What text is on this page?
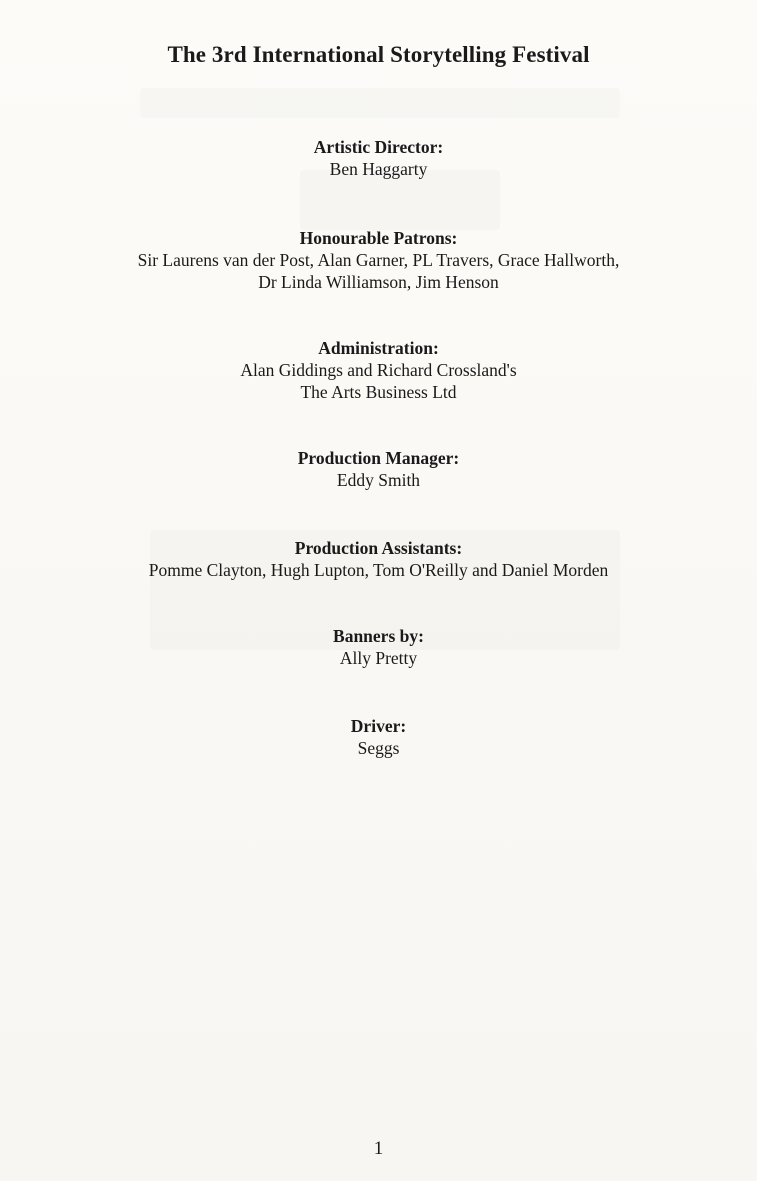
The 3rd International Storytelling Festival
Artistic Director:
Ben Haggarty
Honourable Patrons:
Sir Laurens van der Post, Alan Garner, PL Travers, Grace Hallworth,
Dr Linda Williamson, Jim Henson
Administration:
Alan Giddings and Richard Crossland's
The Arts Business Ltd
Production Manager:
Eddy Smith
Production Assistants:
Pomme Clayton, Hugh Lupton, Tom O'Reilly and Daniel Morden
Banners by:
Ally Pretty
Driver:
Seggs
1
